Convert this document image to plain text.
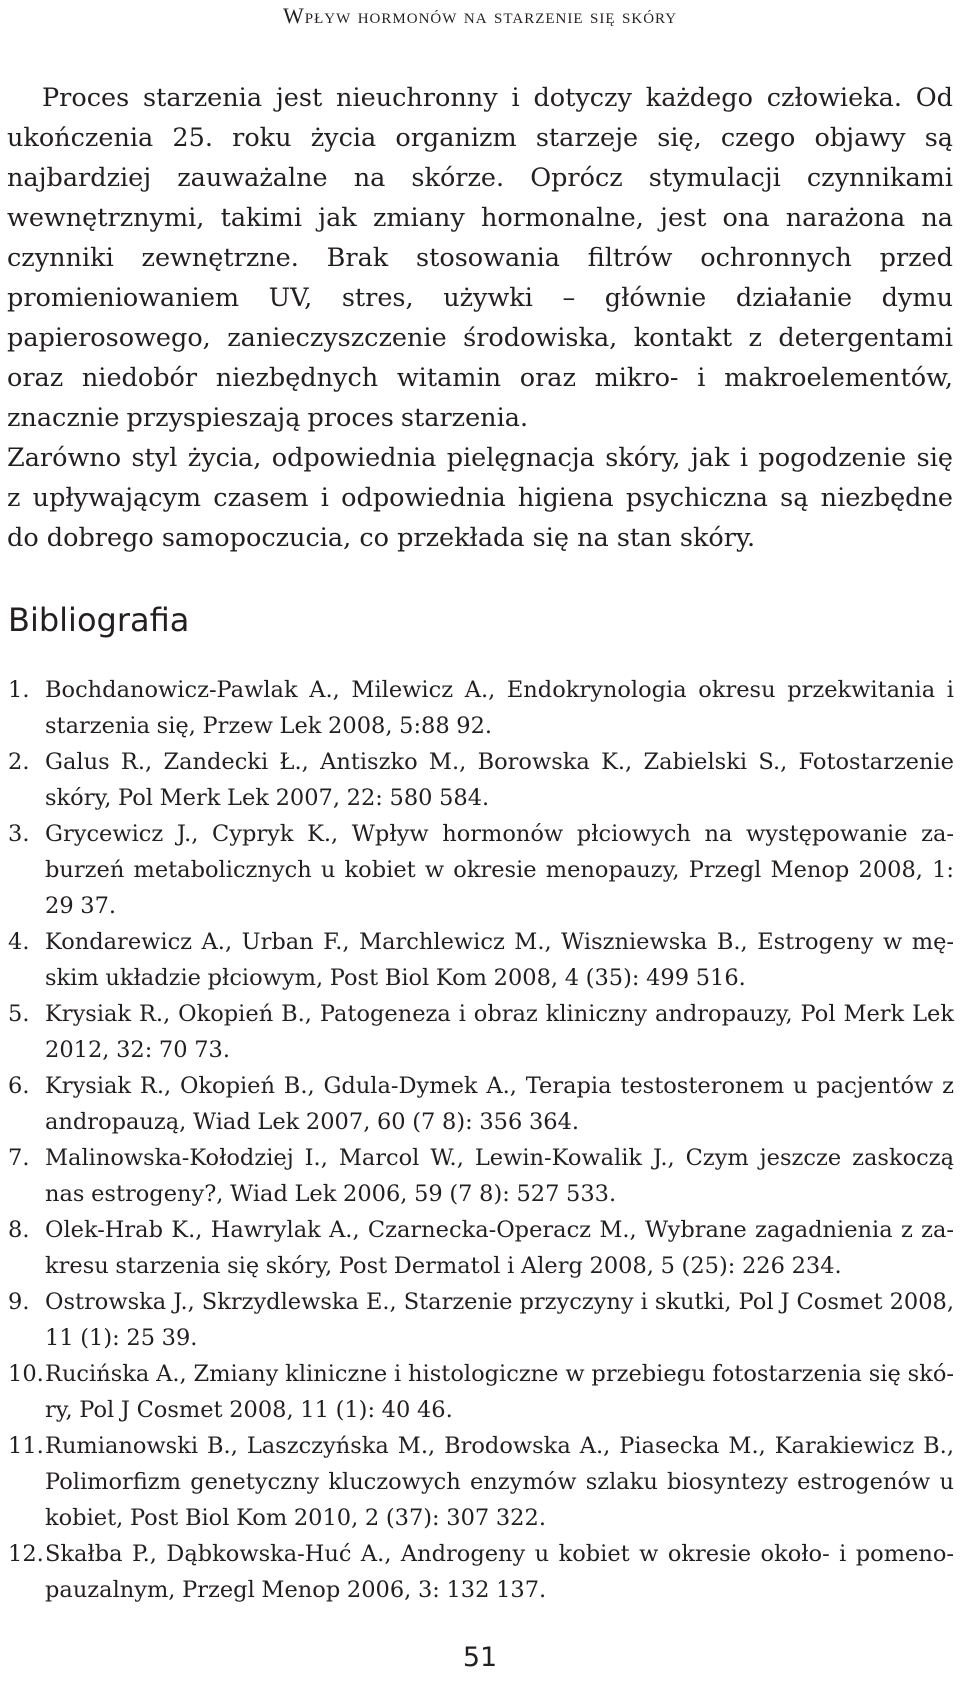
Wpływ hormonów na starzenie się skóry

Proces starzenia jest nieuchronny i dotyczy każdego człowieka. Od ukończenia 25. roku życia organizm starzeje się, czego objawy są najbardziej zauważalne na skórze. Oprócz stymulacji czynnikami wewnętrznymi, takimi jak zmiany hormonalne, jest ona narażona na czynniki zewnętrzne. Brak stosowania filtrów ochronnych przed promieniowaniem UV, stres, używki – głównie działanie dymu papierosowego, zanieczyszczenie środowiska, kontakt z detergentami oraz niedobór niezbędnych witamin oraz mikro- i makroelementów, znacznie przyspieszają proces starzenia.

Zarówno styl życia, odpowiednia pielęgnacja skóry, jak i pogodzenie się z upływającym czasem i odpowiednia higiena psychiczna są niezbędne do dobrego samopoczucia, co przekłada się na stan skóry.

Bibliografia
1. Bochdanowicz-Pawlak A., Milewicz A., Endokrynologia okresu przekwitania i starzenia się, Przew Lek 2008, 5:88 92.
2. Galus R., Zandecki Ł., Antiszko M., Borowska K., Zabielski S., Fotostarzenie skóry, Pol Merk Lek 2007, 22: 580 584.
3. Grycewicz J., Cypryk K., Wpływ hormonów płciowych na występowanie zaburzeń metabolicznych u kobiet w okresie menopauzy, Przegl Menop 2008, 1: 29 37.
4. Kondarewicz A., Urban F., Marchlewicz M., Wiszniewska B., Estrogeny w męskim układzie płciowym, Post Biol Kom 2008, 4 (35): 499 516.
5. Krysiak R., Okopień B., Patogeneza i obraz kliniczny andropauzy, Pol Merk Lek 2012, 32: 70 73.
6. Krysiak R., Okopień B., Gdula-Dymek A., Terapia testosteronem u pacjentów z andropauzą, Wiad Lek 2007, 60 (7 8): 356 364.
7. Malinowska-Kołodziej I., Marcol W., Lewin-Kowalik J., Czym jeszcze zaskoczą nas estrogeny?, Wiad Lek 2006, 59 (7 8): 527 533.
8. Olek-Hrab K., Hawrylak A., Czarnecka-Operacz M., Wybrane zagadnienia z zakresu starzenia się skóry, Post Dermatol i Alerg 2008, 5 (25): 226 234.
9. Ostrowska J., Skrzydlewska E., Starzenie przyczyny i skutki, Pol J Cosmet 2008, 11 (1): 25 39.
10. Rucińska A., Zmiany kliniczne i histologiczne w przebiegu fotostarzenia się skóry, Pol J Cosmet 2008, 11 (1): 40 46.
11. Rumianowski B., Laszczyńska M., Brodowska A., Piasecka M., Karakiewicz B., Polimorfizm genetyczny kluczowych enzymów szlaku biosyntezy estrogenów u kobiet, Post Biol Kom 2010, 2 (37): 307 322.
12. Skałba P., Dąbkowska-Huć A., Androgeny u kobiet w okresie około- i pomenopauzalnym, Przegl Menop 2006, 3: 132 137.
51
